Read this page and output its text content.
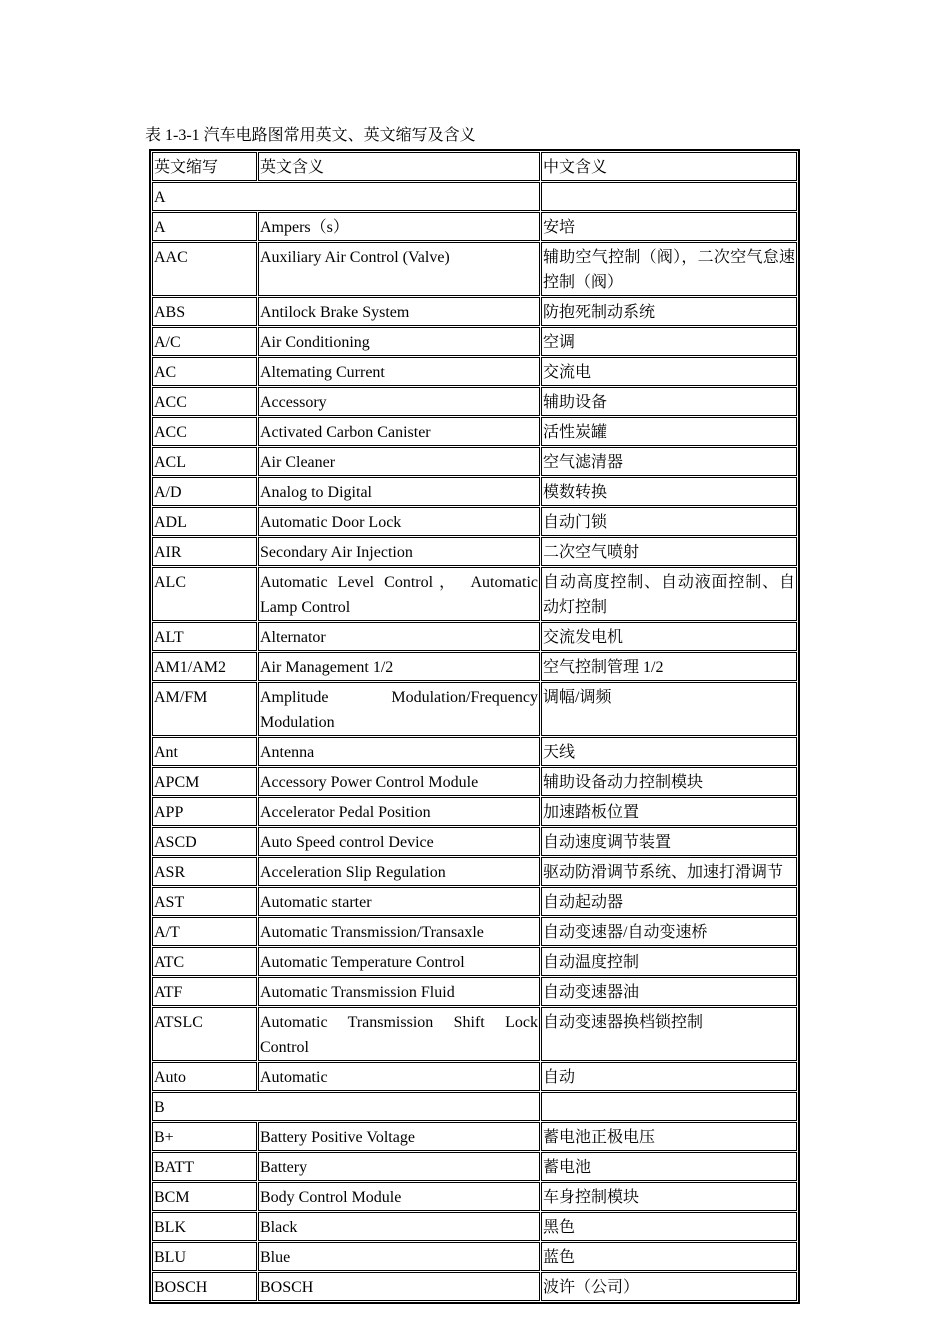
表 1-3-1 汽车电路图常用英文、英文缩写及含义
英文缩写	英文含义	中文含义
A		
A	Ampers（s）	安培
AAC	Auxiliary Air Control (Valve)	辅助空气控制（阀），二次空气怠速控制（阀）
ABS	Antilock Brake System	防抱死制动系统
A/C	Air Conditioning	空调
AC	Altemating Current	交流电
ACC	Accessory	辅助设备
ACC	Activated Carbon Canister	活性炭罐
ACL	Air Cleaner	空气滤清器
A/D	Analog to Digital	模数转换
ADL	Automatic Door Lock	自动门锁
AIR	Secondary Air Injection	二次空气喷射
ALC	Automatic Level Control， Automatic Lamp Control	自动高度控制、自动液面控制、自动灯控制
ALT	Alternator	交流发电机
AM1/AM2	Air Management 1/2	空气控制管理 1/2
AM/FM	Amplitude Modulation/Frequency Modulation	调幅/调频
Ant	Antenna	天线
APCM	Accessory Power Control Module	辅助设备动力控制模块
APP	Accelerator Pedal Position	加速踏板位置
ASCD	Auto Speed control Device	自动速度调节装置
ASR	Acceleration Slip Regulation	驱动防滑调节系统、加速打滑调节
AST	Automatic starter	自动起动器
A/T	Automatic Transmission/Transaxle	自动变速器/自动变速桥
ATC	Automatic Temperature Control	自动温度控制
ATF	Automatic Transmission Fluid	自动变速器油
ATSLC	Automatic Transmission Shift Lock Control	自动变速器换档锁控制
Auto	Automatic	自动
B		
B+	Battery Positive Voltage	蓄电池正极电压
BATT	Battery	蓄电池
BCM	Body Control Module	车身控制模块
BLK	Black	黑色
BLU	Blue	蓝色
BOSCH	BOSCH	波许（公司）
